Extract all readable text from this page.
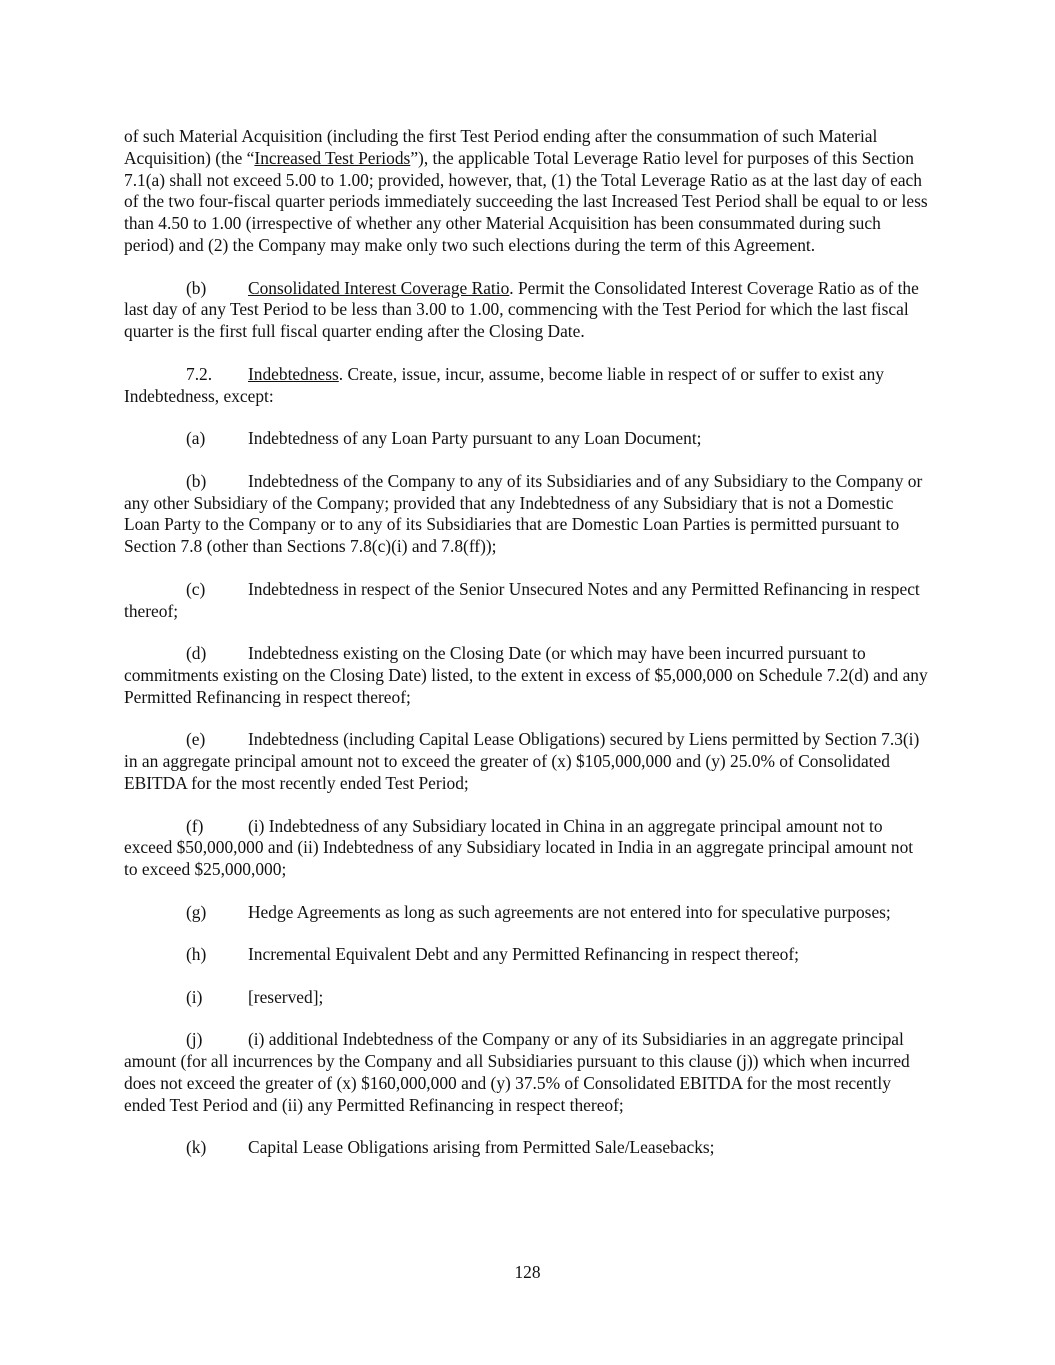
of such Material Acquisition (including the first Test Period ending after the consummation of such Material Acquisition) (the “Increased Test Periods”), the applicable Total Leverage Ratio level for purposes of this Section 7.1(a) shall not exceed 5.00 to 1.00; provided, however, that, (1) the Total Leverage Ratio as at the last day of each of the two four-fiscal quarter periods immediately succeeding the last Increased Test Period shall be equal to or less than 4.50 to 1.00 (irrespective of whether any other Material Acquisition has been consummated during such period) and (2) the Company may make only two such elections during the term of this Agreement.

(b) Consolidated Interest Coverage Ratio. Permit the Consolidated Interest Coverage Ratio as of the last day of any Test Period to be less than 3.00 to 1.00, commencing with the Test Period for which the last fiscal quarter is the first full fiscal quarter ending after the Closing Date.

7.2. Indebtedness. Create, issue, incur, assume, become liable in respect of or suffer to exist any Indebtedness, except:

(a) Indebtedness of any Loan Party pursuant to any Loan Document;

(b) Indebtedness of the Company to any of its Subsidiaries and of any Subsidiary to the Company or any other Subsidiary of the Company; provided that any Indebtedness of any Subsidiary that is not a Domestic Loan Party to the Company or to any of its Subsidiaries that are Domestic Loan Parties is permitted pursuant to Section 7.8 (other than Sections 7.8(c)(i) and 7.8(ff));

(c) Indebtedness in respect of the Senior Unsecured Notes and any Permitted Refinancing in respect thereof;

(d) Indebtedness existing on the Closing Date (or which may have been incurred pursuant to commitments existing on the Closing Date) listed, to the extent in excess of $5,000,000 on Schedule 7.2(d) and any Permitted Refinancing in respect thereof;

(e) Indebtedness (including Capital Lease Obligations) secured by Liens permitted by Section 7.3(i) in an aggregate principal amount not to exceed the greater of (x) $105,000,000 and (y) 25.0% of Consolidated EBITDA for the most recently ended Test Period;

(f)	(i) Indebtedness of any Subsidiary located in China in an aggregate principal amount not to exceed $50,000,000 and (ii) Indebtedness of any Subsidiary located in India in an aggregate principal amount not to exceed $25,000,000;

(g) Hedge Agreements as long as such agreements are not entered into for speculative purposes;

(h) Incremental Equivalent Debt and any Permitted Refinancing in respect thereof;

(i)	[reserved];

(j)	(i) additional Indebtedness of the Company or any of its Subsidiaries in an aggregate principal amount (for all incurrences by the Company and all Subsidiaries pursuant to this clause (j)) which when incurred does not exceed the greater of (x) $160,000,000 and (y) 37.5% of Consolidated EBITDA for the most recently ended Test Period and (ii) any Permitted Refinancing in respect thereof;

(k) Capital Lease Obligations arising from Permitted Sale/Leasebacks;

128
